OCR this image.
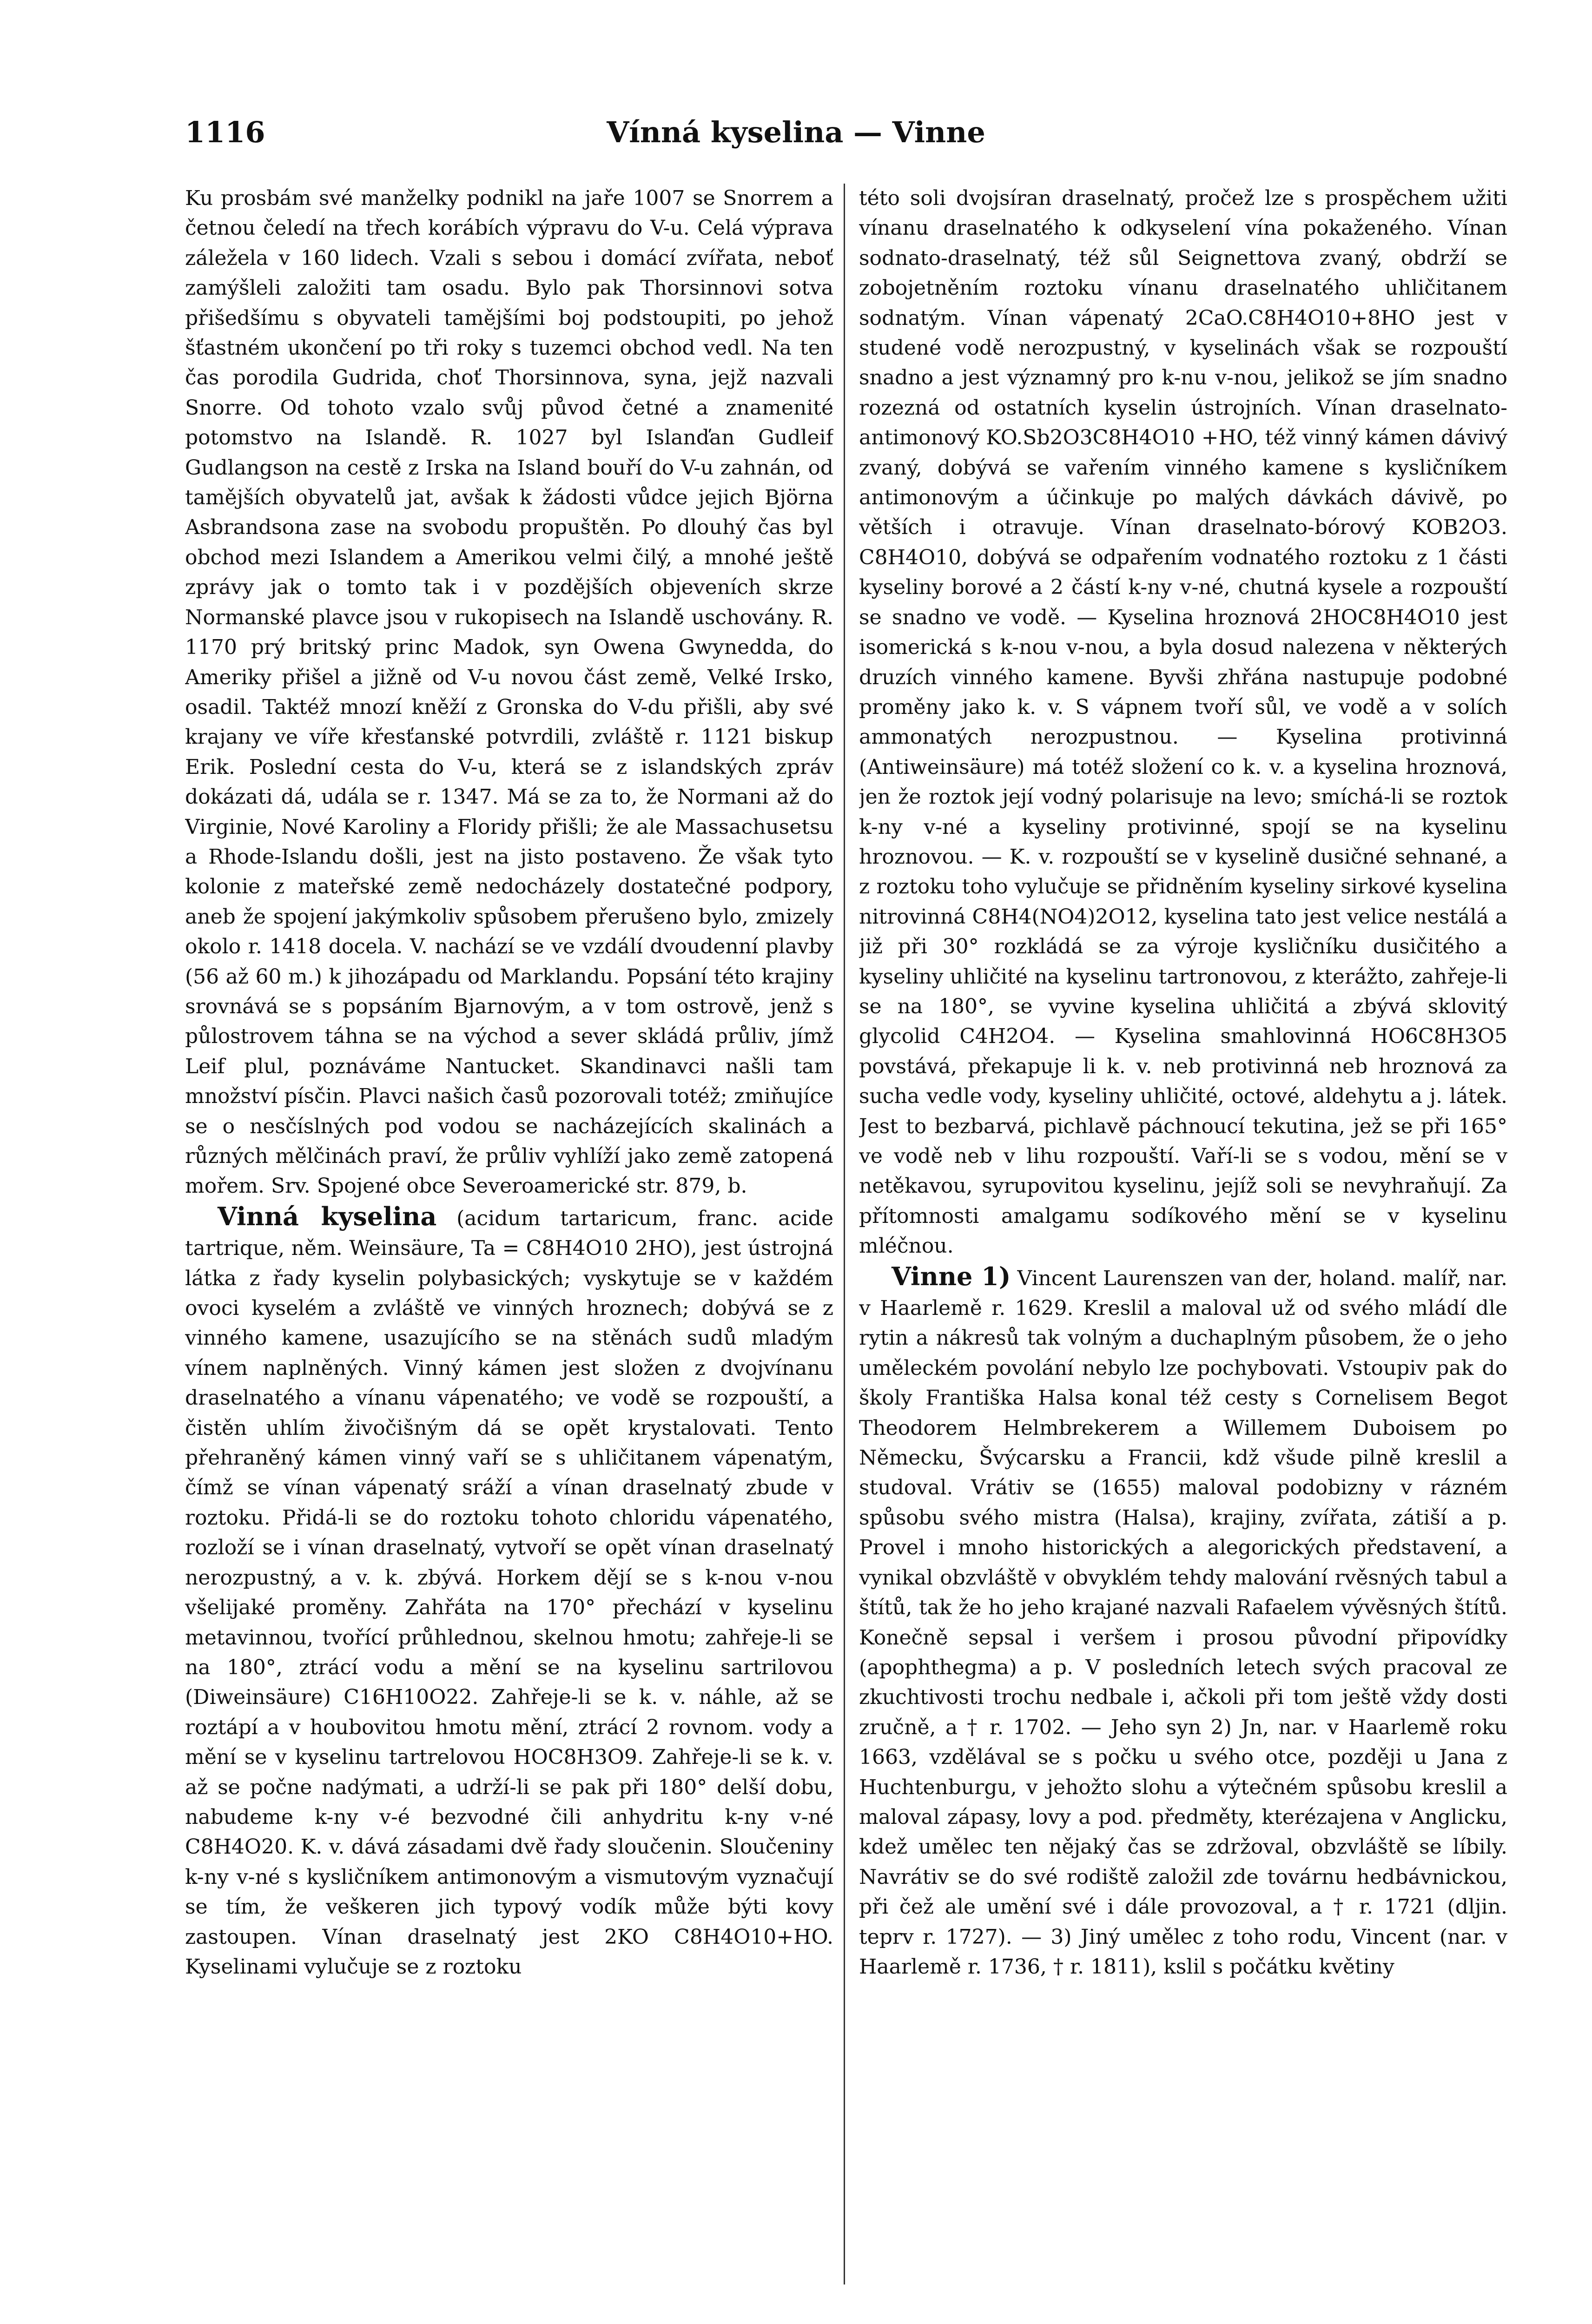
1116	Vínná kyselina — Vinne

Ku prosbám své manželky podnikl na jaře 1007 se Snorrem a četnou čeledí na třech korábích výpravu do V-u. Celá výprava záležela v 160 lidech. Vzali s sebou i domácí zvířata, neboť zamýšleli založiti tam osadu. Bylo pak Thorsinnovi sotva přišedšímu s obyvateli tamějšími boj podstoupiti, po jehož šťastném ukončení po tři roky s tuzemci obchod vedl. Na ten čas porodila Gudrida, choť Thorsinnova, syna, jejž nazvali Snorre. Od tohoto vzalo svůj původ četné a znamenité potomstvo na Islandě. R. 1027 byl Islanďan Gudleif Gudlangson na cestě z Irska na Island bouří do V-u zahnán, od tamějších obyvatelů jat, avšak k žádosti vůdce jejich Björna Asbrandsona zase na svobodu propuštěn. Po dlouhý čas byl obchod mezi Islandem a Amerikou velmi čilý, a mnohé ještě zprávy jak o tomto tak i v pozdějších objeveních skrze Normanské plavce jsou v rukopisech na Islandě uschovány. R. 1170 prý britský princ Madok, syn Owena Gwynedda, do Ameriky přišel a jižně od V-u novou část země, Velké Irsko, osadil. Taktéž mnozí kněží z Gronska do V-du přišli, aby své krajany ve víře křesťanské potvrdili, zvláště r. 1121 biskup Erik. Poslední cesta do V-u, která se z islandských zpráv dokázati dá, udála se r. 1347. Má se za to, že Normani až do Virginie, Nové Karoliny a Floridy přišli; že ale Massachusetsu a Rhode-Islandu došli, jest na jisto postaveno. Že však tyto kolonie z mateřské země nedocházely dostatečné podpory, aneb že spojení jakýmkoliv spůsobem přerušeno bylo, zmizely okolo r. 1418 docela. V. nachází se ve vzdálí dvoudenní plavby (56 až 60 m.) k jihozápadu od Marklandu. Popsání této krajiny srovnává se s popsáním Bjarnovým, a v tom ostrově, jenž s půlostrovem táhna se na východ a sever skládá průliv, jímž Leif plul, poznáváme Nantucket. Skandinavci našli tam množství písčin. Plavci našich časů pozorovali totéž; zmiňujíce se o nesčíslných pod vodou se nacházejících skalinách a různých mělčinách praví, že průliv vyhlíží jako země zatopená mořem. Srv. Spojené obce Severoamerické str. 879, b.

Vinná kyselina (acidum tartaricum, franc. acide tartrique, něm. Weinsäure, Ta = C8H4O10 2HO), jest ústrojná látka z řady kyselin polybasických; vyskytuje se v každém ovoci kyselém a zvláště ve vinných hroznech; dobývá se z vinného kamene, usazujícího se na stěnách sudů mladým vínem naplněných. Vinný kámen jest složen z dvojvínanu draselnatého a vínanu vápenatého; ve vodě se rozpouští, a čistěn uhlím živočišným dá se opět krystalovati. Tento přehraněný kámen vinný vaří se s uhličitanem vápenatým, čímž se vínan vápenatý sráží a vínan draselnatý zbude v roztoku. Přidá-li se do roztoku tohoto chloridu vápenatého, rozloží se i vínan draselnatý, vytvoří se opět vínan draselnatý nerozpustný, a v. k. zbývá. Horkem dějí se s k-nou v-nou všelijaké proměny. Zahřáta na 170° přechází v kyselinu metavinnou, tvořící průhlednou, skelnou hmotu; zahřeje-li se na 180°, ztrácí vodu a mění se na kyselinu sartrilovou (Diweinsäure) C16H10O22. Zahřeje-li se k. v. náhle, až se roztápí a v houbovitou hmotu mění, ztrácí 2 rovnom. vody a mění se v kyselinu tartrelovou HOC8H3O9. Zahřeje-li se k. v. až se počne nadýmati, a udrží-li se pak při 180° delší dobu, nabudeme k-ny v-é bezvodné čili anhydritu k-ny v-né C8H4O20. K. v. dává zásadami dvě řady sloučenin. Sloučeniny k-ny v-né s kysličníkem antimonovým a vismutovým vyznačují se tím, že veškeren jich typový vodík může býti kovy zastoupen. Vínan draselnatý jest 2KO C8H4O10+HO. Kyselinami vylučuje se z roztoku

této soli dvojsíran draselnatý, pročež lze s prospěchem užiti vínanu draselnatého k odkyselení vína pokaženého. Vínan sodnato-draselnatý, též sůl Seignettova zvaný, obdrží se zobojetněním roztoku vínanu draselnatého uhličitanem sodnatým. Vínan vápenatý 2CaO.C8H4O10+8HO jest v studené vodě nerozpustný, v kyselinách však se rozpouští snadno a jest významný pro k-nu v-nou, jelikož se jím snadno rozezná od ostatních kyselin ústrojních. Vínan draselnato-antimonový KO.Sb2O3C8H4O10 +HO, též vinný kámen dávivý zvaný, dobývá se vařením vinného kamene s kysličníkem antimonovým a účinkuje po malých dávkách dávivě, po větších i otravuje. Vínan draselnato-bórový KOB2O3. C8H4O10, dobývá se odpařením vodnatého roztoku z 1 části kyseliny borové a 2 částí k-ny v-né, chutná kysele a rozpouští se snadno ve vodě. — Kyselina hroznová 2HOC8H4O10 jest isomerická s k-nou v-nou, a byla dosud nalezena v některých druzích vinného kamene. Byvši zhřána nastupuje podobné proměny jako k. v. S vápnem tvoří sůl, ve vodě a v solích ammonatých nerozpustnou. — Kyselina protivinná (Antiweinsäure) má totéž složení co k. v. a kyselina hroznová, jen že roztok její vodný polarisuje na levo; smíchá-li se roztok k-ny v-né a kyseliny protivinné, spojí se na kyselinu hroznovou. — K. v. rozpouští se v kyselině dusičné sehnané, a z roztoku toho vylučuje se přidněním kyseliny sirkové kyselina nitrovinná C8H4(NO4)2O12, kyselina tato jest velice nestálá a již při 30° rozkládá se za výroje kysličníku dusičitého a kyseliny uhličité na kyselinu tartronovou, z kterážto, zahřeje-li se na 180°, se vyvine kyselina uhličitá a zbývá sklovitý glycolid C4H2O4. — Kyselina smahlovinná HO6C8H3O5 povstává, překapuje li k. v. neb protivinná neb hroznová za sucha vedle vody, kyseliny uhličité, octové, aldehytu a j. látek. Jest to bezbarvá, pichlavě páchnoucí tekutina, jež se při 165° ve vodě neb v lihu rozpouští. Vaří-li se s vodou, mění se v netěkavou, syrupovitou kyselinu, jejíž soli se nevyhraňují. Za přítomnosti amalgamu sodíkového mění se v kyselinu mléčnou.

Vinne 1) Vincent Laurenszen van der, holand. malíř, nar. v Haarlemě r. 1629. Kreslil a maloval už od svého mládí dle rytin a nákresů tak volným a duchaplným působem, že o jeho uměleckém povolání nebylo lze pochybovati. Vstoupiv pak do školy Františka Halsa konal též cesty s Cornelisem Begot Theodorem Helmbrekerem a Willemem Duboisem po Německu, Švýcarsku a Francii, kdž všude pilně kreslil a studoval. Vrátiv se (1655) maloval podobizny v rázném spůsobu svého mistra (Halsa), krajiny, zvířata, zátiší a p. Provel i mnoho historických a alegorických představení, a vynikal obzvláště v obvyklém tehdy malování rvěsných tabul a štítů, tak že ho jeho krajané nazvali Rafaelem vývěsných štítů. Konečně sepsal i veršem i prosou původní připovídky (apophthegma) a p. V posledních letech svých pracoval ze zkuchtivosti trochu nedbale i, ačkoli při tom ještě vždy dosti zručně, a † r. 1702. — Jeho syn 2) Jn, nar. v Haarlemě roku 1663, vzdělával se s počku u svého otce, později u Jana z Huchtenburgu, v jehožto slohu a výtečném spůsobu kreslil a maloval zápasy, lovy a pod. předměty, kterézajena v Anglicku, kdež umělec ten nějaký čas se zdržoval, obzvláště se líbily. Navrátiv se do své rodiště založil zde továrnu hedbávnickou, při čež ale umění své i dále provozoval, a † r. 1721 (dljin. teprv r. 1727). — 3) Jiný umělec z toho rodu, Vincent (nar. v Haarlemě r. 1736, † r. 1811), kslil s počátku květiny
